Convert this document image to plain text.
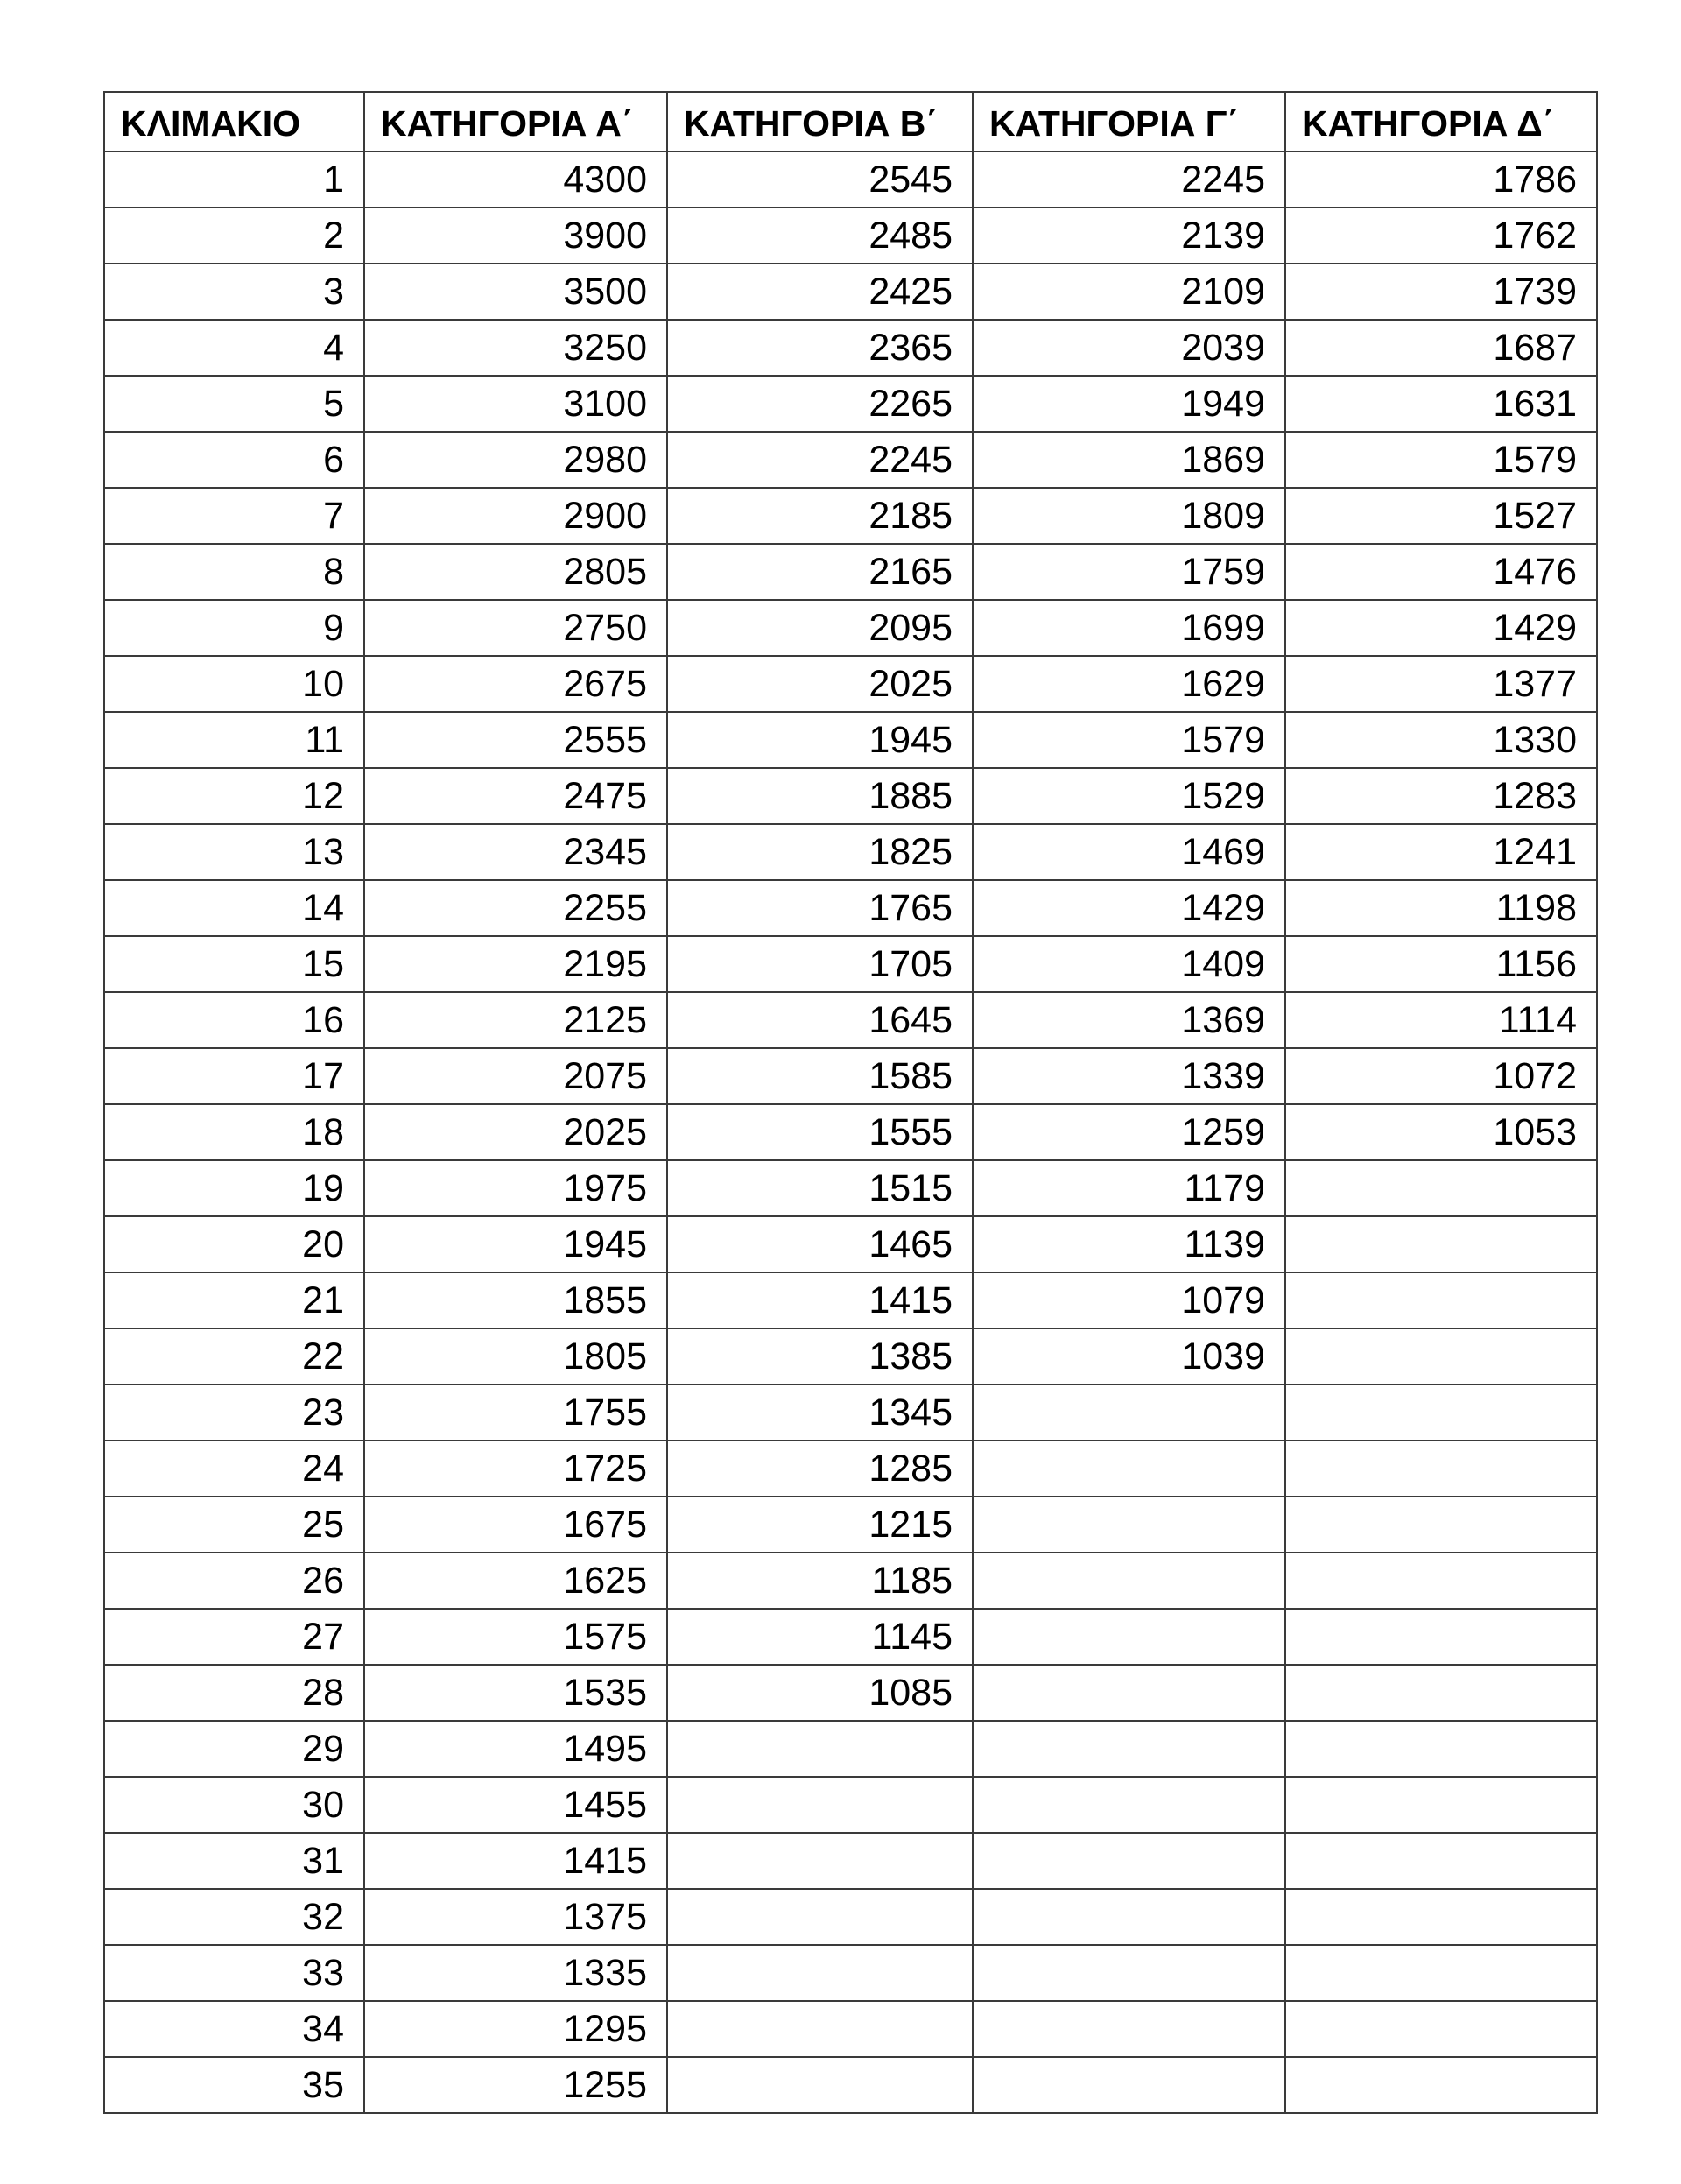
ΚΛΙΜΑΚΙΟ	ΚΑΤΗΓΟΡΙΑ Α΄	ΚΑΤΗΓΟΡΙΑ Β΄	ΚΑΤΗΓΟΡΙΑ Γ΄	ΚΑΤΗΓΟΡΙΑ Δ΄
1	4300	2545	2245	1786
2	3900	2485	2139	1762
3	3500	2425	2109	1739
4	3250	2365	2039	1687
5	3100	2265	1949	1631
6	2980	2245	1869	1579
7	2900	2185	1809	1527
8	2805	2165	1759	1476
9	2750	2095	1699	1429
10	2675	2025	1629	1377
11	2555	1945	1579	1330
12	2475	1885	1529	1283
13	2345	1825	1469	1241
14	2255	1765	1429	1198
15	2195	1705	1409	1156
16	2125	1645	1369	1114
17	2075	1585	1339	1072
18	2025	1555	1259	1053
19	1975	1515	1179	
20	1945	1465	1139	
21	1855	1415	1079	
22	1805	1385	1039	
23	1755	1345		
24	1725	1285		
25	1675	1215		
26	1625	1185		
27	1575	1145		
28	1535	1085		
29	1495			
30	1455			
31	1415			
32	1375			
33	1335			
34	1295			
35	1255			
